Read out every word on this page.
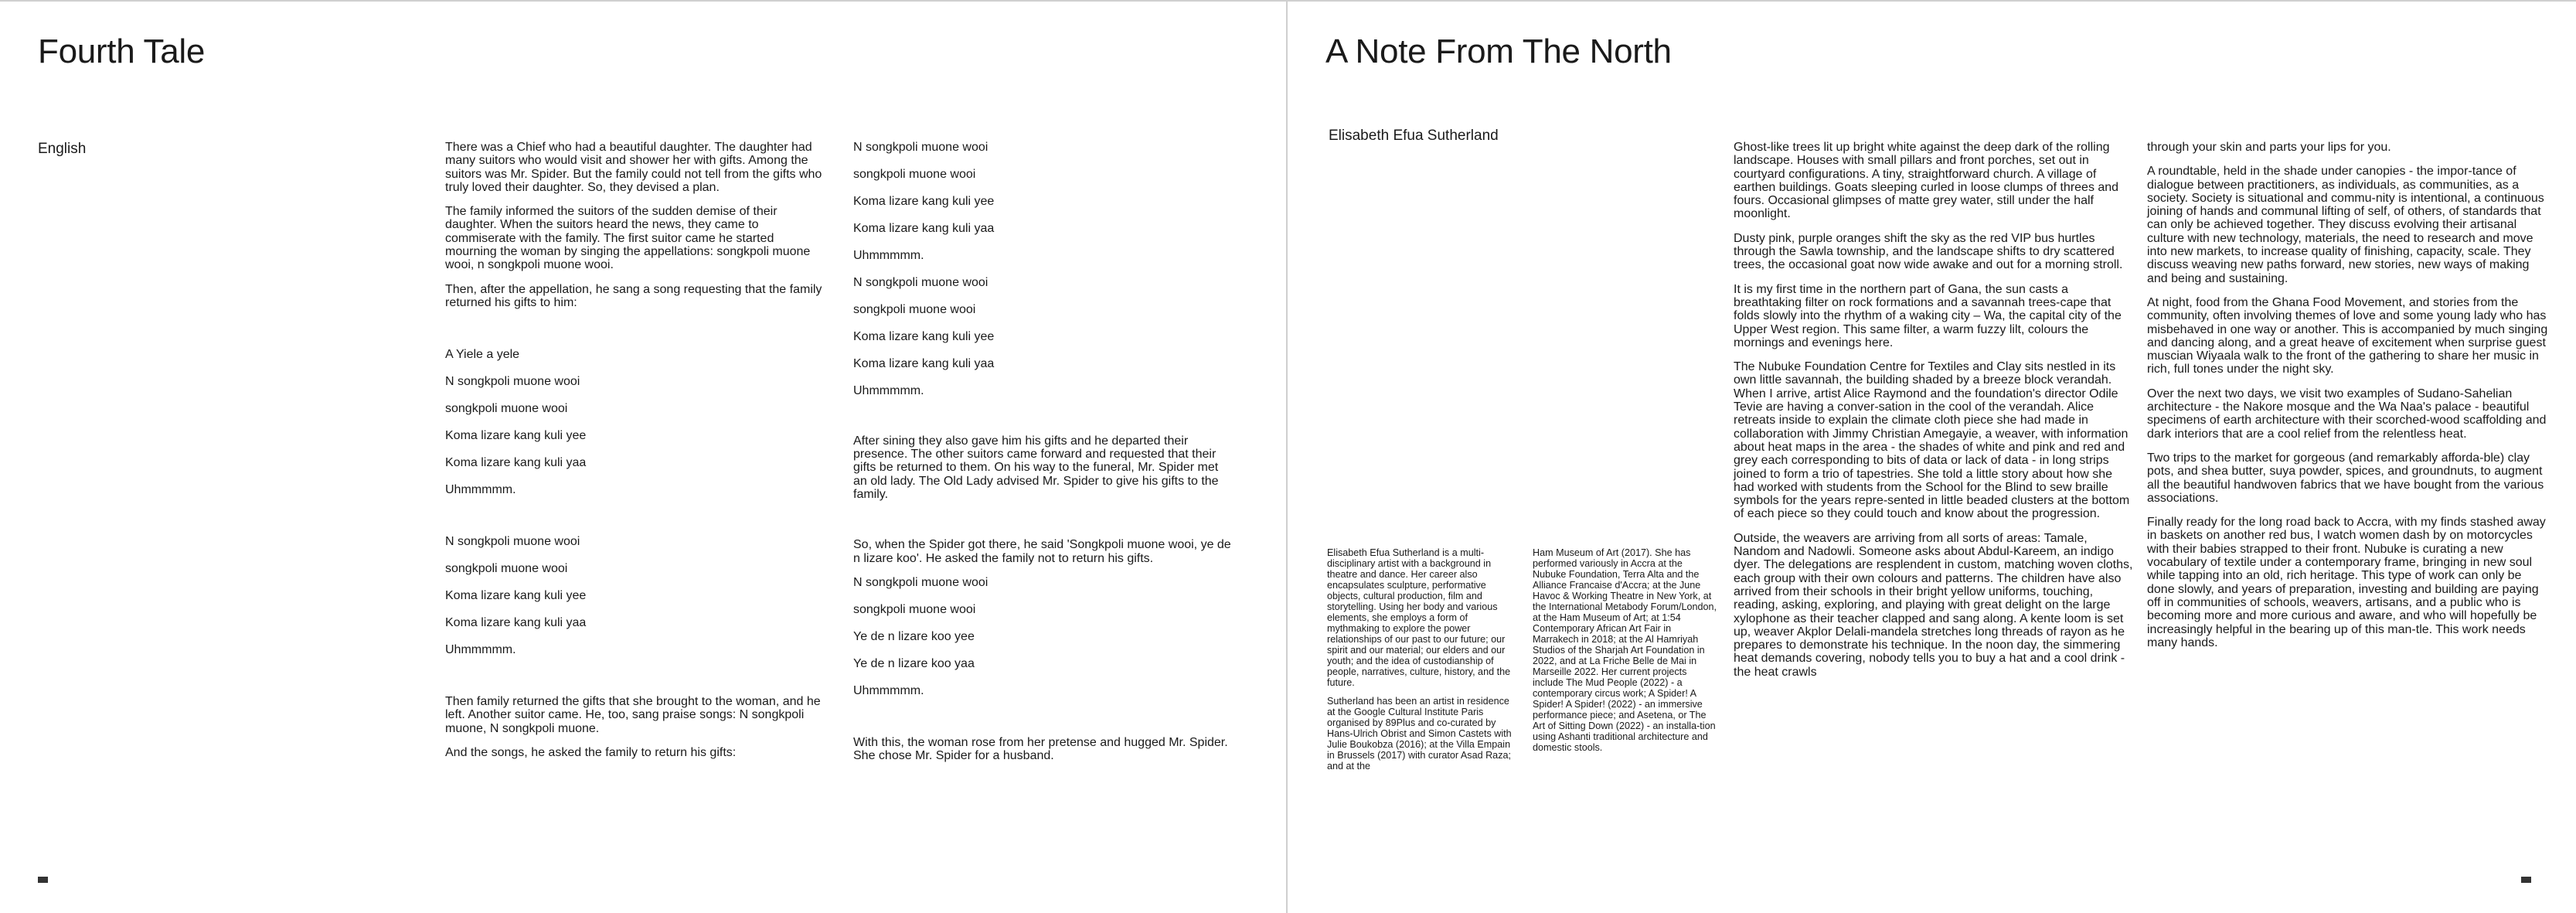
Fourth Tale
English	There was a Chief who had a beautiful daughter. The daughter had many suitors who would visit and shower her with gifts. Among the suitors was Mr. Spider. But the family could not tell from the gifts who truly loved their daughter. So, they devised a plan.

The family informed the suitors of the sudden demise of their daughter. When the suitors heard the news, they came to commiserate with the family. The first suitor came he started mourning the woman by singing the appellations: songkpoli muone wooi, n songkpoli muone wooi.

Then, after the appellation, he sang a song requesting that the family returned his gifts to him:

A Yiele a yele

N songkpoli muone wooi

songkpoli muone wooi

Koma lizare kang kuli yee

Koma lizare kang kuli yaa

Uhmmmmm.

N songkpoli muone wooi

songkpoli muone wooi

Koma lizare kang kuli yee

Koma lizare kang kuli yaa

Uhmmmmm.

Then family returned the gifts that she brought to the woman, and he left. Another suitor came. He, too, sang praise songs: N songkpoli muone, N songkpoli muone.

And the songs, he asked the family to return his gifts:

N songkpoli muone wooi

songkpoli muone wooi

Koma lizare kang kuli yee

Koma lizare kang kuli yaa

Uhmmmmm.

N songkpoli muone wooi

songkpoli muone wooi

Koma lizare kang kuli yee

Koma lizare kang kuli yaa

Uhmmmmm.

After sining they also gave him his gifts and he departed their presence. The other suitors came forward and requested that their gifts be returned to them. On his way to the funeral, Mr. Spider met an old lady. The Old Lady advised Mr. Spider to give his gifts to the family.

So, when the Spider got there, he said 'Songkpoli muone wooi, ye de n lizare koo'. He asked the family not to return his gifts.

N songkpoli muone wooi

songkpoli muone wooi

Ye de n lizare koo yee

Ye de n lizare koo yaa

Uhmmmmm.

With this, the woman rose from her pretense and hugged Mr. Spider. She chose Mr. Spider for a husband.

A Note From The North
Elisabeth Efua Sutherland

Elisabeth Efua Sutherland is a multi-disciplinary artist with a background in theatre and dance. Her career also encapsulates sculpture, performative objects, cultural production, film and storytelling. Using her body and various elements, she employs a form of mythmaking to explore the power relationships of our past to our future; our spirit and our material; our elders and our youth; and the idea of custodianship of people, narratives, culture, history, and the future.

Sutherland has been an artist in residence at the Google Cultural Institute Paris organised by 89Plus and co-curated by Hans-Ulrich Obrist and Simon Castets with Julie Boukobza (2016); at the Villa Empain in Brussels (2017) with curator Asad Raza; and at the

Ham Museum of Art (2017). She has performed variously in Accra at the Nubuke Foundation, Terra Alta and the Alliance Francaise d'Accra; at the June Havoc & Working Theatre in New York, at the International Metabody Forum/London, at the Ham Museum of Art; at 1:54 Contemporary African Art Fair in Marrakech in 2018; at the Al Hamriyah Studios of the Sharjah Art Foundation in 2022, and at La Friche Belle de Mai in Marseille 2022. Her current projects include The Mud People (2022) - a contemporary circus work; A Spider! A Spider! A Spider! (2022) - an immersive performance piece; and Asetena, or The Art of Sitting Down (2022) - an installa-tion using Ashanti traditional architecture and domestic stools.

Ghost-like trees lit up bright white against the deep dark of the rolling landscape. Houses with small pillars and front porches, set out in courtyard configurations. A tiny, straightforward church. A village of earthen buildings. Goats sleeping curled in loose clumps of threes and fours. Occasional glimpses of matte grey water, still under the half moonlight.

Dusty pink, purple oranges shift the sky as the red VIP bus hurtles through the Sawla township, and the landscape shifts to dry scattered trees, the occasional goat now wide awake and out for a morning stroll.

It is my first time in the northern part of Gana, the sun casts a breathtaking filter on rock formations and a savannah trees-cape that folds slowly into the rhythm of a waking city – Wa, the capital city of the Upper West region. This same filter, a warm fuzzy lilt, colours the mornings and evenings here.

The Nubuke Foundation Centre for Textiles and Clay sits nestled in its own little savannah, the building shaded by a breeze block verandah. When I arrive, artist Alice Raymond and the foundation's director Odile Tevie are having a conver-sation in the cool of the verandah. Alice retreats inside to explain the climate cloth piece she had made in collaboration with Jimmy Christian Amegayie, a weaver, with information about heat maps in the area - the shades of white and pink and red and grey each corresponding to bits of data or lack of data - in long strips joined to form a trio of tapestries. She told a little story about how she had worked with students from the School for the Blind to sew braille symbols for the years repre-sented in little beaded clusters at the bottom of each piece so they could touch and know about the progression.

Outside, the weavers are arriving from all sorts of areas: Tamale, Nandom and Nadowli. Someone asks about Abdul-Kareem, an indigo dyer. The delegations are resplendent in custom, matching woven cloths, each group with their own colours and patterns. The children have also arrived from their schools in their bright yellow uniforms, touching, reading, asking, exploring, and playing with great delight on the large xylophone as their teacher clapped and sang along. A kente loom is set up, weaver Akplor Delali-mandela stretches long threads of rayon as he prepares to demonstrate his technique. In the noon day, the simmering heat demands covering, nobody tells you to buy a hat and a cool drink - the heat crawls

through your skin and parts your lips for you.

A roundtable, held in the shade under canopies - the impor-tance of dialogue between practitioners, as individuals, as communities, as a society. Society is situational and commu-nity is intentional, a continuous joining of hands and communal lifting of self, of others, of standards that can only be achieved together. They discuss evolving their artisanal culture with new technology, materials, the need to research and move into new markets, to increase quality of finishing, capacity, scale. They discuss weaving new paths forward, new stories, new ways of making and being and sustaining.

At night, food from the Ghana Food Movement, and stories from the community, often involving themes of love and some young lady who has misbehaved in one way or another. This is accompanied by much singing and dancing along, and a great heave of excitement when surprise guest muscian Wiyaala walk to the front of the gathering to share her music in rich, full tones under the night sky.

Over the next two days, we visit two examples of Sudano-Sahelian architecture - the Nakore mosque and the Wa Naa's palace - beautiful specimens of earth architecture with their scorched-wood scaffolding and dark interiors that are a cool relief from the relentless heat.

Two trips to the market for gorgeous (and remarkably afforda-ble) clay pots, and shea butter, suya powder, spices, and groundnuts, to augment all the beautiful handwoven fabrics that we have bought from the various associations.

Finally ready for the long road back to Accra, with my finds stashed away in baskets on another red bus, I watch women dash by on motorcycles with their babies strapped to their front. Nubuke is curating a new vocabulary of textile under a contemporary frame, bringing in new soul while tapping into an old, rich heritage. This type of work can only be done slowly, and years of preparation, investing and building are paying off in communities of schools, weavers, artisans, and a public who is becoming more and more curious and aware, and who will hopefully be increasingly helpful in the bearing up of this man-tle. This work needs many hands.
